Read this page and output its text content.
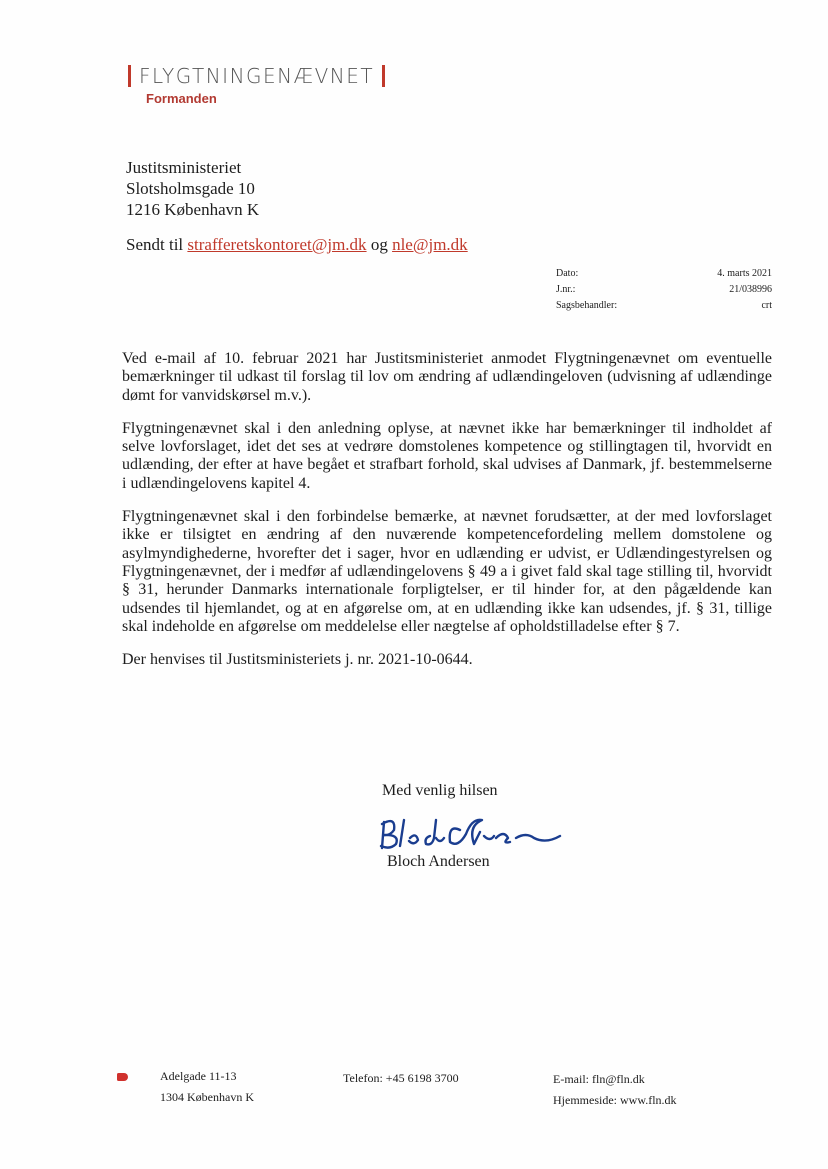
FLYGTNINGENÆVNET
Formanden
Justitsministeriet
Slotsholmsgade 10
1216 København K
Sendt til strafferetskontoret@jm.dk og nle@jm.dk
Dato:	4. marts 2021
J.nr.:	21/038996
Sagsbehandler:	crt

Ved e-mail af 10. februar 2021 har Justitsministeriet anmodet Flygtningenævnet om eventuelle bemærkninger til udkast til forslag til lov om ændring af udlændingeloven (udvisning af udlændinge dømt for vanvidskørsel m.v.).

Flygtningenævnet skal i den anledning oplyse, at nævnet ikke har bemærkninger til indholdet af selve lovforslaget, idet det ses at vedrøre domstolenes kompetence og stillingtagen til, hvorvidt en udlænding, der efter at have begået et strafbart forhold, skal udvises af Danmark, jf. bestemmelserne i udlændingelovens kapitel 4.

Flygtningenævnet skal i den forbindelse bemærke, at nævnet forudsætter, at der med lovforslaget ikke er tilsigtet en ændring af den nuværende kompetencefordeling mellem domstolene og asylmyndighederne, hvorefter det i sager, hvor en udlænding er udvist, er Udlændingestyrelsen og Flygtningenævnet, der i medfør af udlændingelovens § 49 a i givet fald skal tage stilling til, hvorvidt § 31, herunder Danmarks internationale forpligtelser, er til hinder for, at den pågældende kan udsendes til hjemlandet, og at en afgørelse om, at en udlænding ikke kan udsendes, jf. § 31, tillige skal indeholde en afgørelse om meddelelse eller nægtelse af opholdstilladelse efter § 7.

Der henvises til Justitsministeriets j. nr. 2021-10-0644.

Med venlig hilsen
Bloch Andersen
Adelgade 11-13
1304 København K
Telefon: +45 6198 3700	E-mail: fln@fln.dk
Hjemmeside: www.fln.dk
